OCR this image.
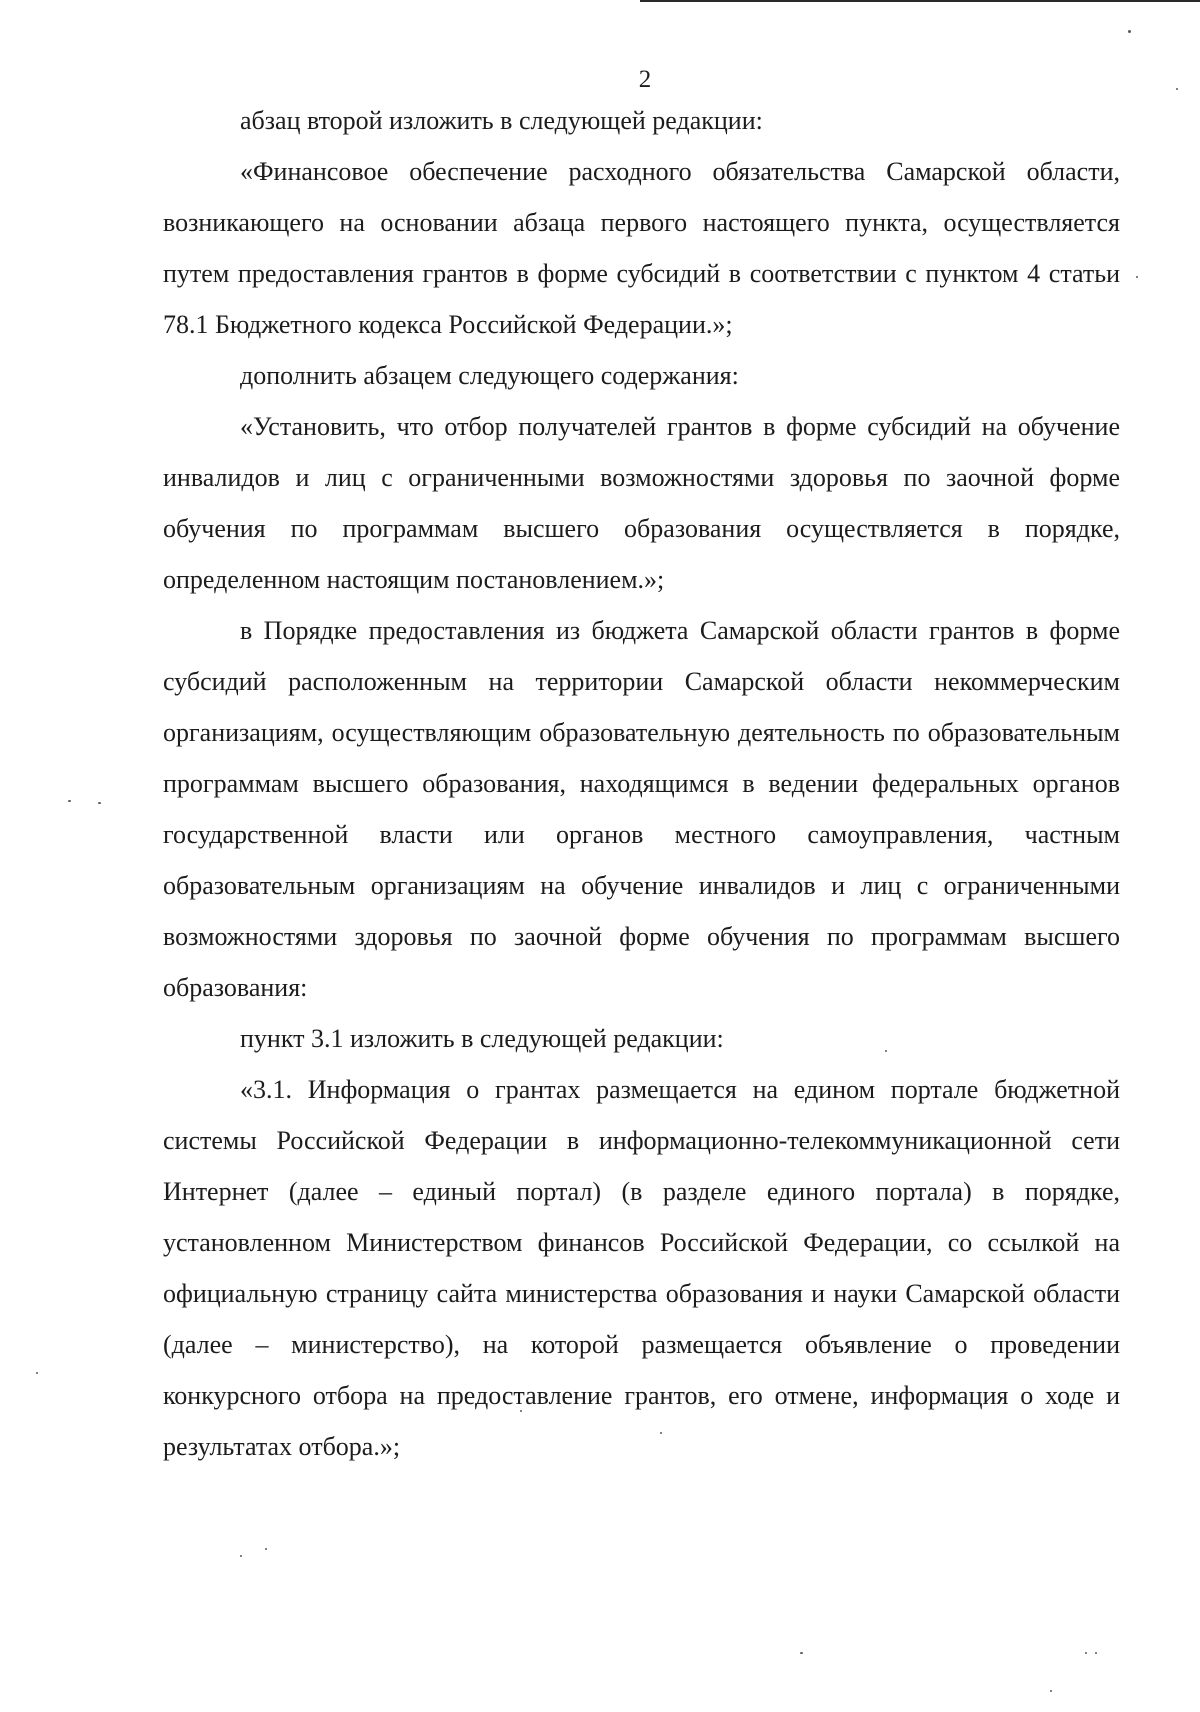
2

абзац второй изложить в следующей редакции:

«Финансовое обеспечение расходного обязательства Самарской области, возникающего на основании абзаца первого настоящего пункта, осуществляется путем предоставления грантов в форме субсидий в соответствии с пунктом 4 статьи 78.1 Бюджетного кодекса Российской Федерации.»;

дополнить абзацем следующего содержания:

«Установить, что отбор получателей грантов в форме субсидий на обучение инвалидов и лиц с ограниченными возможностями здоровья по заочной форме обучения по программам высшего образования осуществляется в порядке, определенном настоящим постановлением.»;

в Порядке предоставления из бюджета Самарской области грантов в форме субсидий расположенным на территории Самарской области некоммерческим организациям, осуществляющим образовательную деятельность по образовательным программам высшего образования, находящимся в ведении федеральных органов государственной власти или органов местного самоуправления, частным образовательным организациям на обучение инвалидов и лиц с ограниченными возможностями здоровья по заочной форме обучения по программам высшего образования:

пункт 3.1 изложить в следующей редакции:

«3.1. Информация о грантах размещается на едином портале бюджетной системы Российской Федерации в информационно-телекоммуникационной сети Интернет (далее – единый портал) (в разделе единого портала) в порядке, установленном Министерством финансов Российской Федерации, со ссылкой на официальную страницу сайта министерства образования и науки Самарской области (далее – министерство), на которой размещается объявление о проведении конкурсного отбора на предоставление грантов, его отмене, информация о ходе и результатах отбора.»;
